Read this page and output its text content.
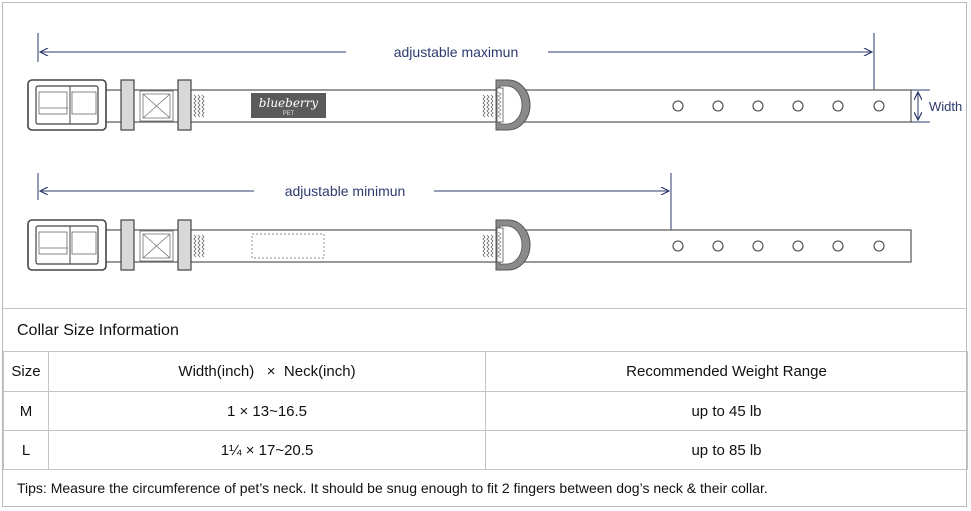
adjustable maximun
blueberry
PET	Width
adjustable minimun
Collar Size Information
Size	Width(inch) × Neck(inch)	Recommended Weight Range
M	1 × 13~16.5	up to 45 lb
L	1¼ × 17~20.5	up to 85 lb
Tips: Measure the circumference of pet’s neck. It should be snug enough to fit 2 fingers between dog’s neck & their collar.
